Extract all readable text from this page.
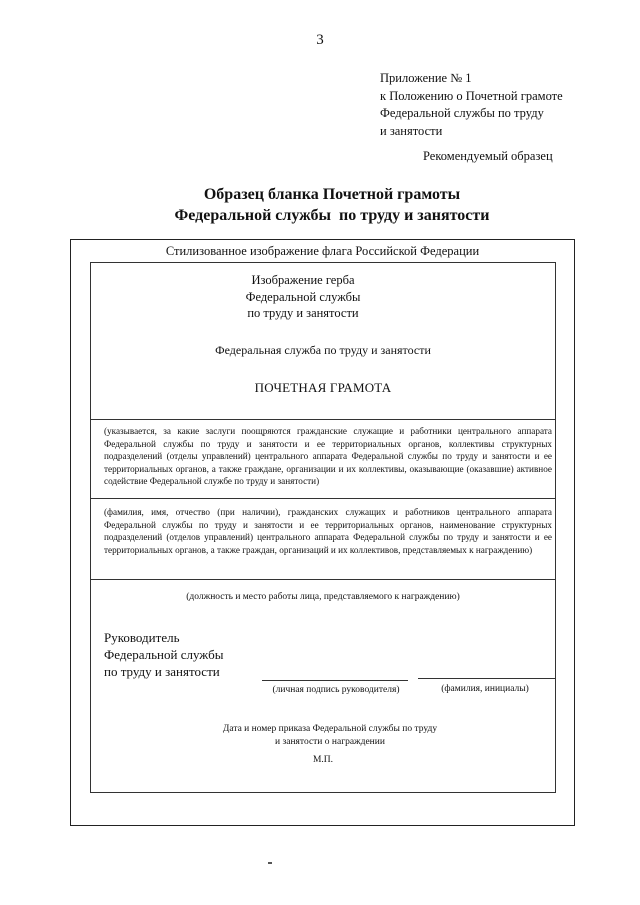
3
Приложение № 1
к Положению о Почетной грамоте
Федеральной службы по труду
и занятости
Рекомендуемый образец
Образец бланка Почетной грамоты
Федеральной службы  по труду и занятости
Стилизованное изображение флага Российской Федерации
Изображение герба
Федеральной службы
по труду и занятости
Федеральная служба по труду и занятости
ПОЧЕТНАЯ ГРАМОТА
(указывается, за какие заслуги поощряются гражданские служащие и работники центрального аппарата Федеральной службы по труду и занятости и ее территориальных органов, коллективы структурных подразделений (отделы управлений) центрального аппарата Федеральной службы по труду и занятости и ее территориальных органов, а также граждане, организации и их коллективы, оказывающие (оказавшие) активное содействие Федеральной службе по труду и занятости)
(фамилия, имя, отчество (при наличии), гражданских служащих и работников центрального аппарата Федеральной службы по труду и занятости и ее территориальных органов, наименование структурных подразделений (отделов управлений) центрального аппарата Федеральной службы по труду и занятости и ее территориальных органов, а также граждан, организаций и их коллективов, представляемых к награждению)
(должность и место работы лица, представляемого к награждению)
Руководитель
Федеральной службы
по труду и занятости
(личная подпись руководителя)	(фамилия, инициалы)
Дата и номер приказа Федеральной службы по труду
и занятости о награждении
М.П.
